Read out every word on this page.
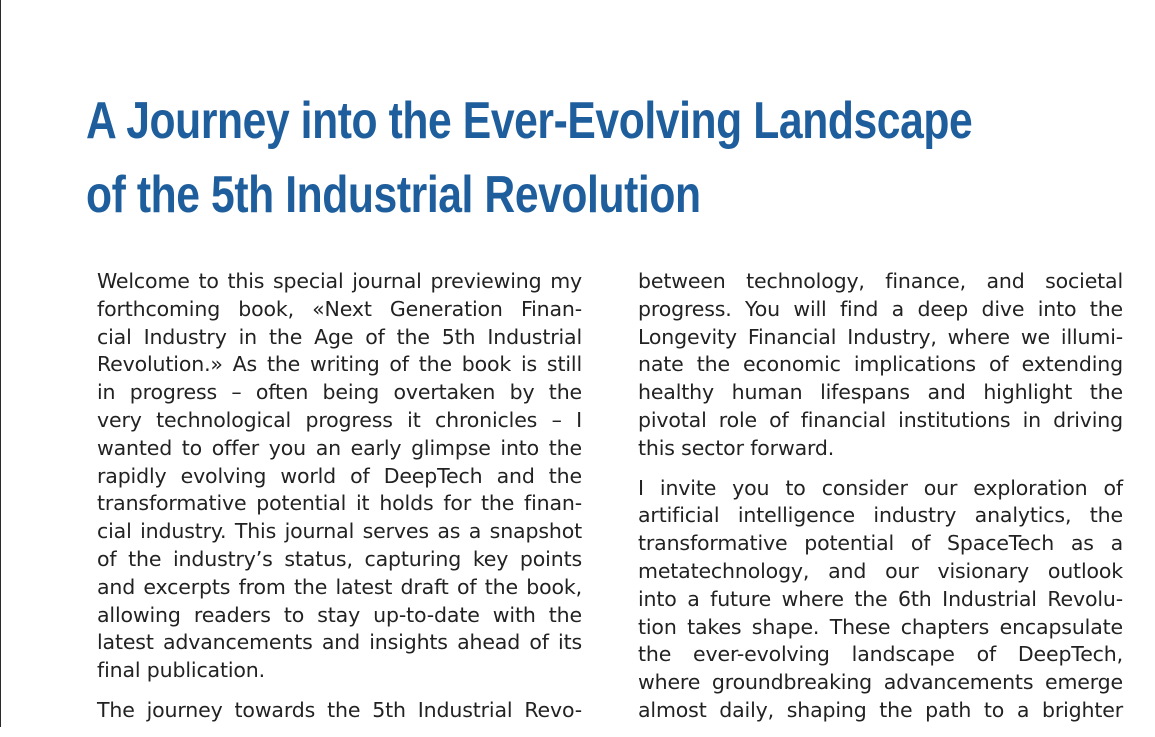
A Journey into the Ever-Evolving Landscape
of the 5th Industrial Revolution

Welcome to this special journal previewing my
forthcoming book, «Next Generation Finan-
cial Industry in the Age of the 5th Industrial
Revolution.» As the writing of the book is still
in progress – often being overtaken by the
very technological progress it chronicles – I
wanted to offer you an early glimpse into the
rapidly evolving world of DeepTech and the
transformative potential it holds for the finan-
cial industry. This journal serves as a snapshot
of the industry’s status, capturing key points
and excerpts from the latest draft of the book,
allowing readers to stay up-to-date with the
latest advancements and insights ahead of its
final publication.

The journey towards the 5th Industrial Revo-

between technology, finance, and societal
progress. You will find a deep dive into the
Longevity Financial Industry, where we illumi-
nate the economic implications of extending
healthy human lifespans and highlight the
pivotal role of financial institutions in driving
this sector forward.

I invite you to consider our exploration of
artificial intelligence industry analytics, the
transformative potential of SpaceTech as a
metatechnology, and our visionary outlook
into a future where the 6th Industrial Revolu-
tion takes shape. These chapters encapsulate
the ever-evolving landscape of DeepTech,
where groundbreaking advancements emerge
almost daily, shaping the path to a brighter
